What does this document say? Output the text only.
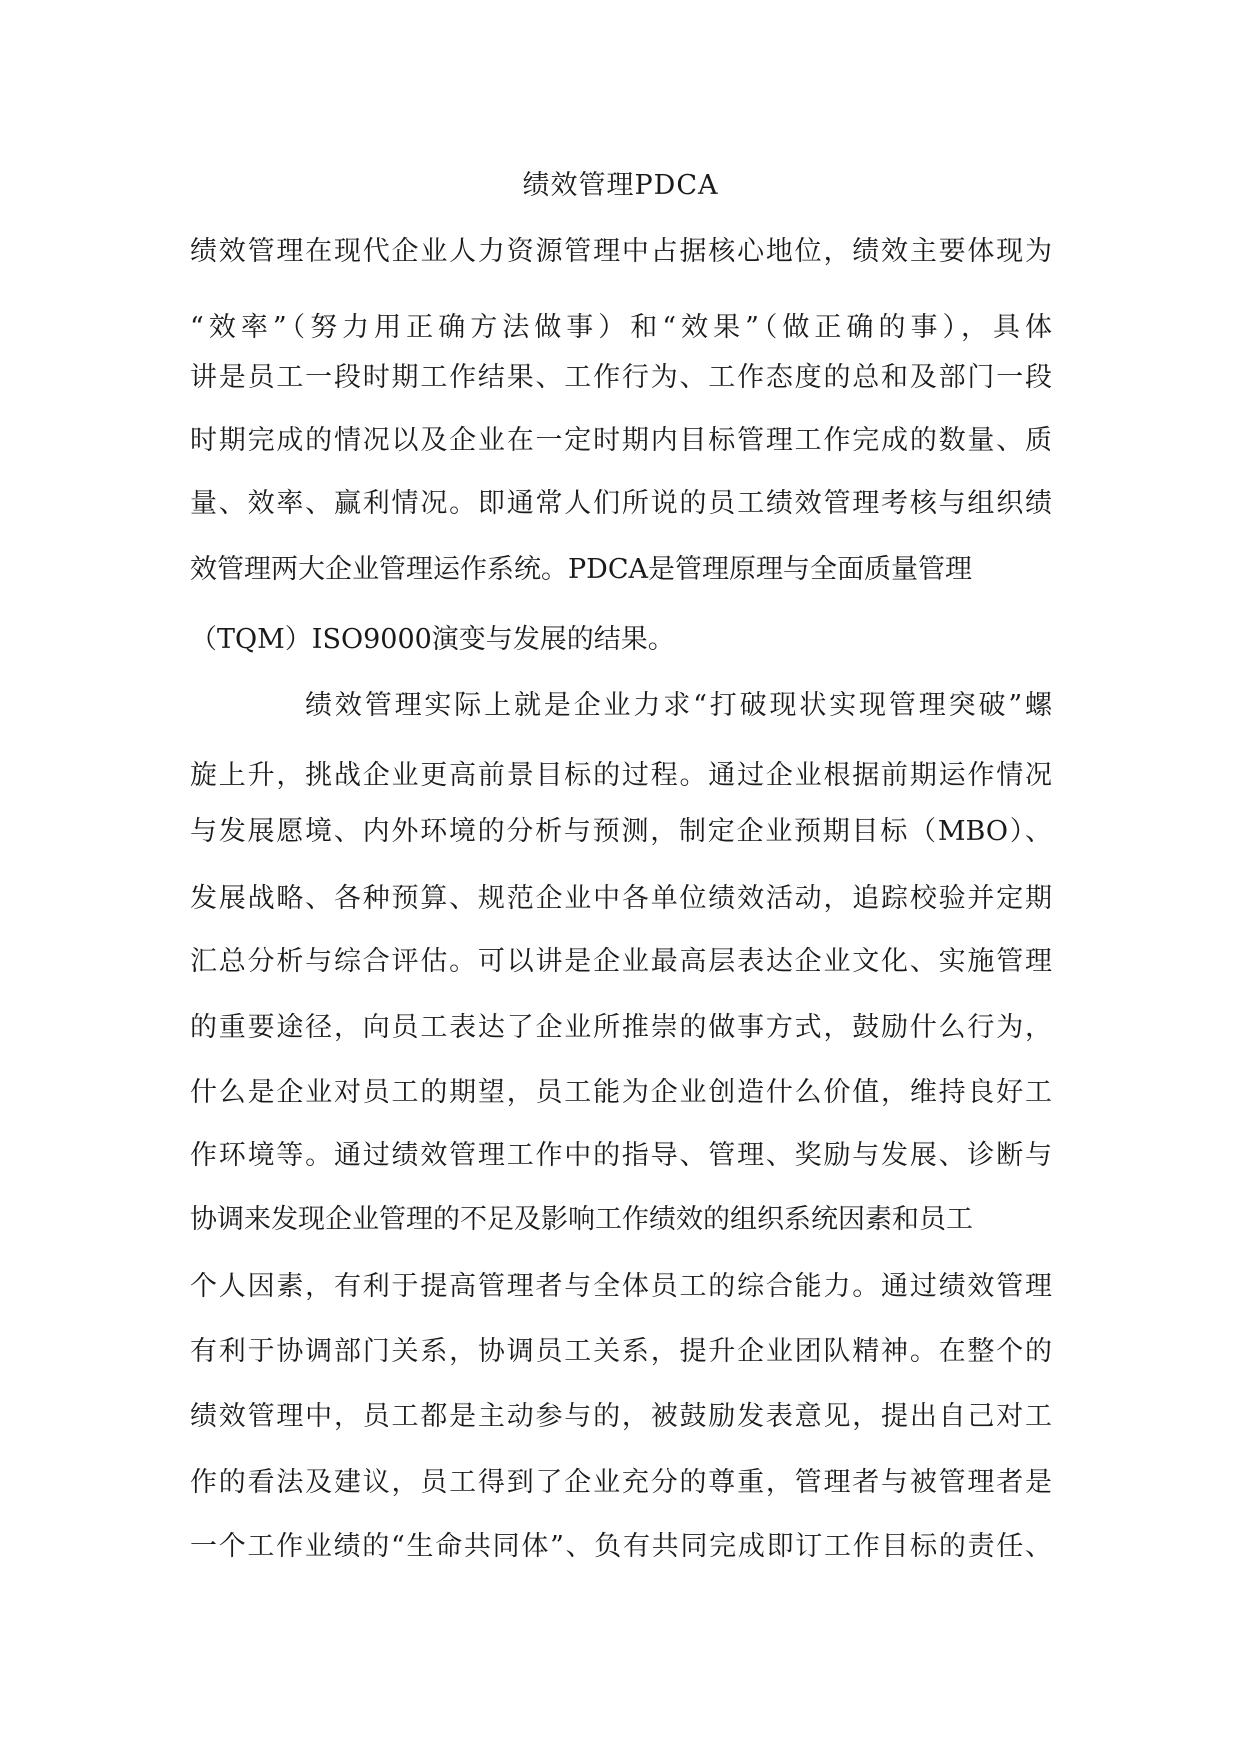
绩效管理PDCA

绩效管理在现代企业人力资源管理中占据核心地位，绩效主要体现为

“效率”（努力用正确方法做事）和“效果”（做正确的事），具体

讲是员工一段时期工作结果、工作行为、工作态度的总和及部门一段

时期完成的情况以及企业在一定时期内目标管理工作完成的数量、质

量、效率、赢利情况。即通常人们所说的员工绩效管理考核与组织绩

效管理两大企业管理运作系统。PDCA是管理原理与全面质量管理

（TQM）ISO9000演变与发展的结果。

绩效管理实际上就是企业力求“打破现状实现管理突破”螺

旋上升，挑战企业更高前景目标的过程。通过企业根据前期运作情况

与发展愿境、内外环境的分析与预测，制定企业预期目标（MBO）、

发展战略、各种预算、规范企业中各单位绩效活动，追踪校验并定期

汇总分析与综合评估。可以讲是企业最高层表达企业文化、实施管理

的重要途径，向员工表达了企业所推崇的做事方式，鼓励什么行为，

什么是企业对员工的期望，员工能为企业创造什么价值，维持良好工

作环境等。通过绩效管理工作中的指导、管理、奖励与发展、诊断与

协调来发现企业管理的不足及影响工作绩效的组织系统因素和员工

个人因素，有利于提高管理者与全体员工的综合能力。通过绩效管理

有利于协调部门关系，协调员工关系，提升企业团队精神。在整个的

绩效管理中，员工都是主动参与的，被鼓励发表意见，提出自己对工

作的看法及建议，员工得到了企业充分的尊重，管理者与被管理者是

一个工作业绩的“生命共同体”、负有共同完成即订工作目标的责任、
